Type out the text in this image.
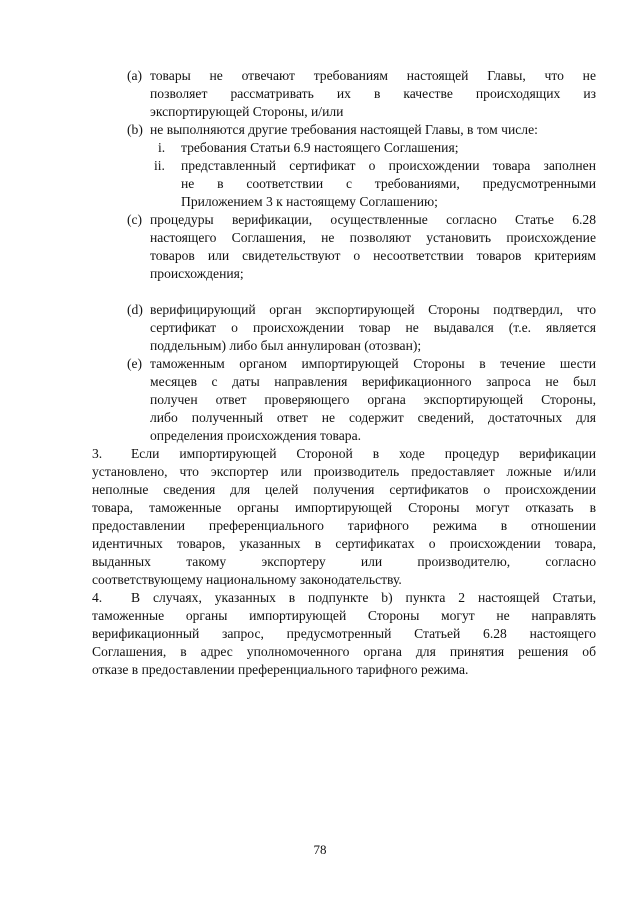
(a) товары не отвечают требованиям настоящей Главы, что не
позволяет рассматривать их в качестве происходящих из
экспортирующей Стороны, и/или
(b) не выполняются другие требования настоящей Главы, в том числе:
i. требования Статьи 6.9 настоящего Соглашения;
ii. представленный сертификат о происхождении товара заполнен
не в соответствии с требованиями, предусмотренными
Приложением 3 к настоящему Соглашению;
(c) процедуры верификации, осуществленные согласно Статье 6.28
настоящего Соглашения, не позволяют установить происхождение
товаров или свидетельствуют о несоответствии товаров критериям
происхождения;
(d) верифицирующий орган экспортирующей Стороны подтвердил, что
сертификат о происхождении товар не выдавался (т.е. является
поддельным) либо был аннулирован (отозван);
(e) таможенным органом импортирующей Стороны в течение шести
месяцев с даты направления верификационного запроса не был
получен ответ проверяющего органа экспортирующей Стороны,
либо полученный ответ не содержит сведений, достаточных для
определения происхождения товара.
3. Если импортирующей Стороной в ходе процедур верификации
установлено, что экспортер или производитель предоставляет ложные и/или
неполные сведения для целей получения сертификатов о происхождении
товара, таможенные органы импортирующей Стороны могут отказать в
предоставлении преференциального тарифного режима в отношении
идентичных товаров, указанных в сертификатах о происхождении товара,
выданных такому экспортеру или производителю, согласно
соответствующему национальному законодательству.
4. В случаях, указанных в подпункте b) пункта 2 настоящей Статьи,
таможенные органы импортирующей Стороны могут не направлять
верификационный запрос, предусмотренный Статьей 6.28 настоящего
Соглашения, в адрес уполномоченного органа для принятия решения об
отказе в предоставлении преференциального тарифного режима.
78
